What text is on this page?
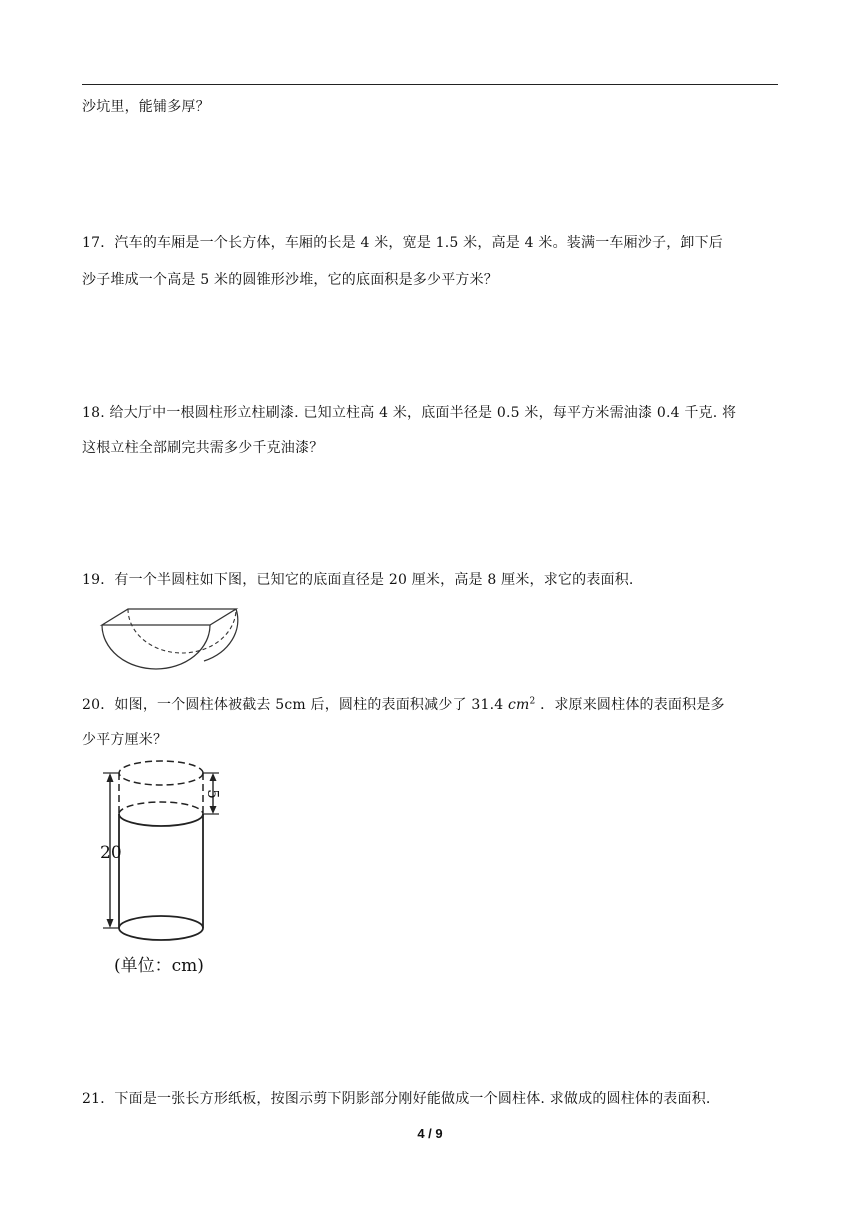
沙坑里，能铺多厚？
17．汽车的车厢是一个长方体，车厢的长是 4 米，宽是 1.5 米，高是 4 米。装满一车厢沙子，卸下后
沙子堆成一个高是 5 米的圆锥形沙堆，它的底面积是多少平方米？
18. 给大厅中一根圆柱形立柱刷漆. 已知立柱高 4 米，底面半径是 0.5 米，每平方米需油漆 0.4 千克. 将
这根立柱全部刷完共需多少千克油漆？
19．有一个半圆柱如下图，已知它的底面直径是 20 厘米，高是 8 厘米，求它的表面积.
20．如图，一个圆柱体被截去 5cm 后，圆柱的表面积减少了 31.4 $cm^2$ ．求原来圆柱体的表面积是多
少平方厘米？
20
5
(单位：cm)
21．下面是一张长方形纸板，按图示剪下阴影部分刚好能做成一个圆柱体. 求做成的圆柱体的表面积.
4 / 9
